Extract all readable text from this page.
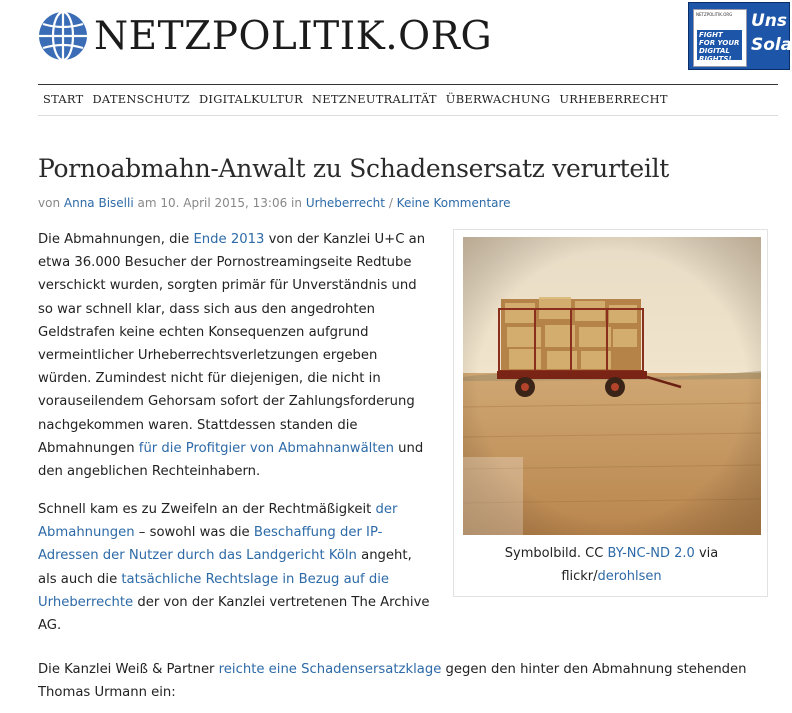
NETZPOLITIK.ORG	NETZPOLITIK.ORG
FIGHT FOR YOUR DIGITAL RIGHTS!
Uns
Sola
START DATENSCHUTZ DIGITALKULTUR NETZNEUTRALITÄT ÜBERWACHUNG URHEBERRECHT
Pornoabmahn-Anwalt zu Schadensersatz verurteilt
von Anna Biselli am 10. April 2015, 13:06 in Urheberrecht / Keine Kommentare

Die Abmahnungen, die Ende 2013 von der Kanzlei U+C an etwa 36.000 Besucher der Pornostreamingseite Redtube verschickt wurden, sorgten primär für Unverständnis und so war schnell klar, dass sich aus den angedrohten Geldstrafen keine echten Konsequenzen aufgrund vermeintlicher Urheberrechtsverletzungen ergeben würden. Zumindest nicht für diejenigen, die nicht in vorauseilendem Gehorsam sofort der Zahlungsforderung nachgekommen waren. Stattdessen standen die Abmahnungen für die Profitgier von Abmahnanwälten und den angeblichen Rechteinhabern.

Schnell kam es zu Zweifeln an der Rechtmäßigkeit der Abmahnungen – sowohl was die Beschaffung der IP-Adressen der Nutzer durch das Landgericht Köln angeht, als auch die tatsächliche Rechtslage in Bezug auf die Urheberrechte der von der Kanzlei vertretenen The Archive AG.

Die Kanzlei Weiß & Partner reichte eine Schadensersatzklage gegen den hinter den Abmahnung stehenden Thomas Urmann ein:

Symbolbild. CC BY-NC-ND 2.0 via flickr/derohlsen
